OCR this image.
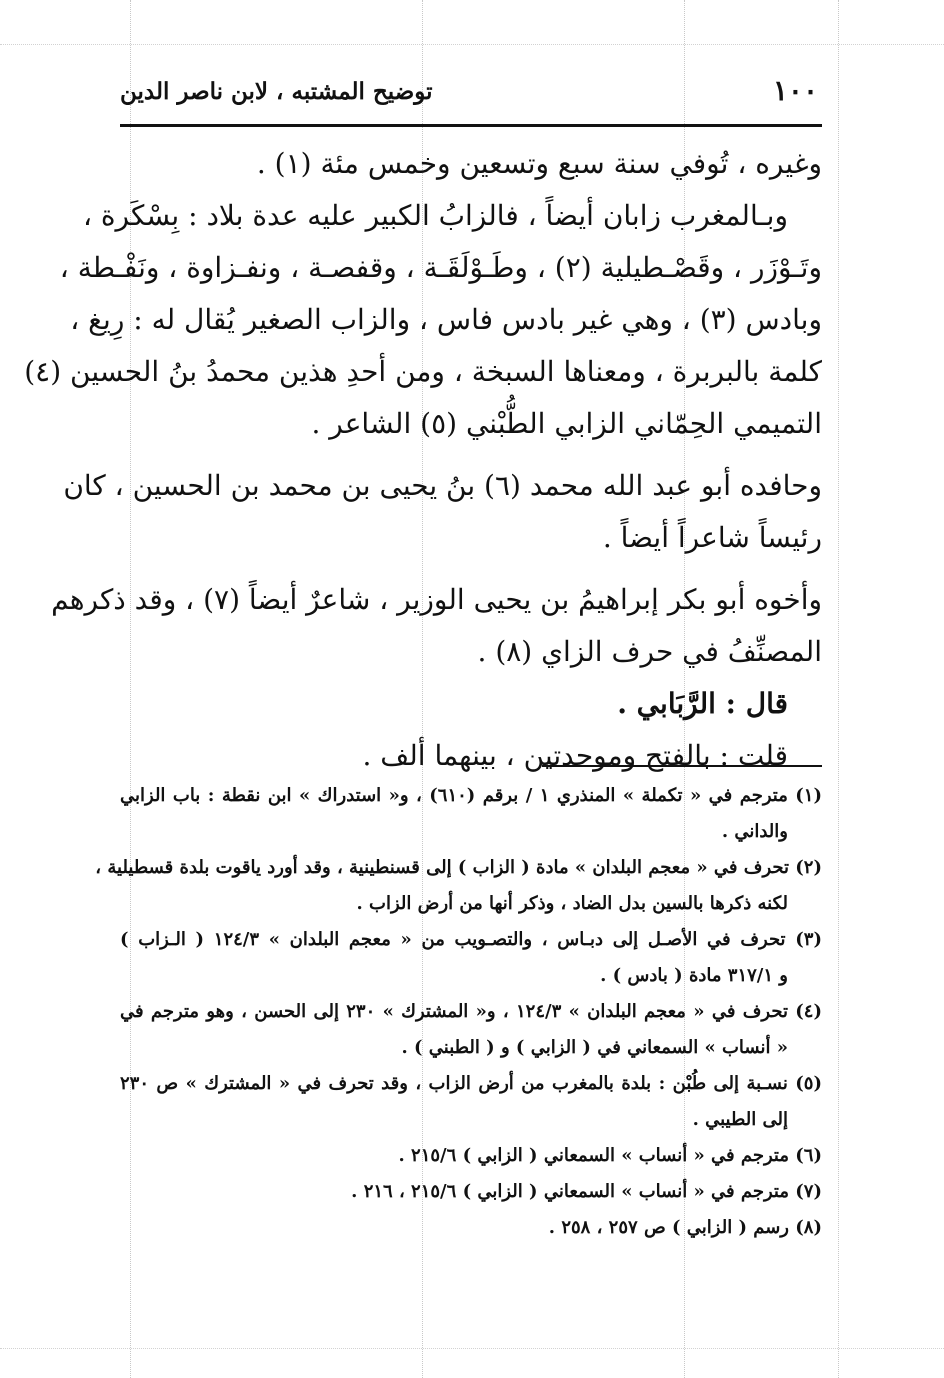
١٠٠
توضيح المشتبه ، لابن ناصر الدين
وغيره ، تُوفي سنة سبع وتسعين وخمس مئة (١) .
وبـالمغرب زابان أيضاً ، فالزابُ الكبير عليه عدة بلاد : بِسْكَرة ،
وتَـوْزَر ، وقَصْـطيلية (٢) ، وطَـوْلَقَـة ، وقفصـة ، ونفـزاوة ، ونَفْـطة ،
وبادس (٣) ، وهي غير بادس فاس ، والزاب الصغير يُقال له : رِيغ ،
كلمة بالبربرة ، ومعناها السبخة ، ومن أحدِ هذين محمدُ بنُ الحسين (٤)
التميمي الحِمّاني الزابي الطُّبْني (٥) الشاعر .
وحافده أبو عبد الله محمد (٦) بنُ يحيى بن محمد بن الحسين ، كان
رئيساً شاعراً أيضاً .
وأخوه أبو بكر إبراهيمُ بن يحيى الوزير ، شاعرٌ أيضاً (٧) ، وقد ذكرهم
المصنِّفُ في حرف الزاي (٨) .
قال : الرَّبَابي .
قلت : بالفتح وموحدتين ، بينهما ألف .
(١) مترجم في « تكملة » المنذري ١ / برقم (٦١٠) ، و« استدراك » ابن نقطة : باب الزابي
والداني .
(٢) تحرف في « معجم البلدان » مادة ( الزاب ) إلى قسنطينية ، وقد أورد ياقوت بلدة قسطيلية ،
لكنه ذكرها بالسين بدل الضاد ، وذكر أنها من أرض الزاب .
(٣) تحرف في الأصـل إلى دبـاس ، والتصـويب من « معجم البلدان » ١٢٤/٣ ( الـزاب )
و ٣١٧/١ مادة ( بادس ) .
(٤) تحرف في « معجم البلدان » ١٢٤/٣ ، و« المشترك » ٢٣٠ إلى الحسن ، وهو مترجم في
« أنساب » السمعاني في ( الزابي ) و ( الطبني ) .
(٥) نسـبة إلى طُبْن : بلدة بالمغرب من أرض الزاب ، وقد تحرف في « المشترك » ص ٢٣٠
إلى الطيبي .
(٦) مترجم في « أنساب » السمعاني ( الزابي ) ٢١٥/٦ .
(٧) مترجم في « أنساب » السمعاني ( الزابي ) ٢١٥/٦ ، ٢١٦ .
(٨) رسم ( الزابي ) ص ٢٥٧ ، ٢٥٨ .
